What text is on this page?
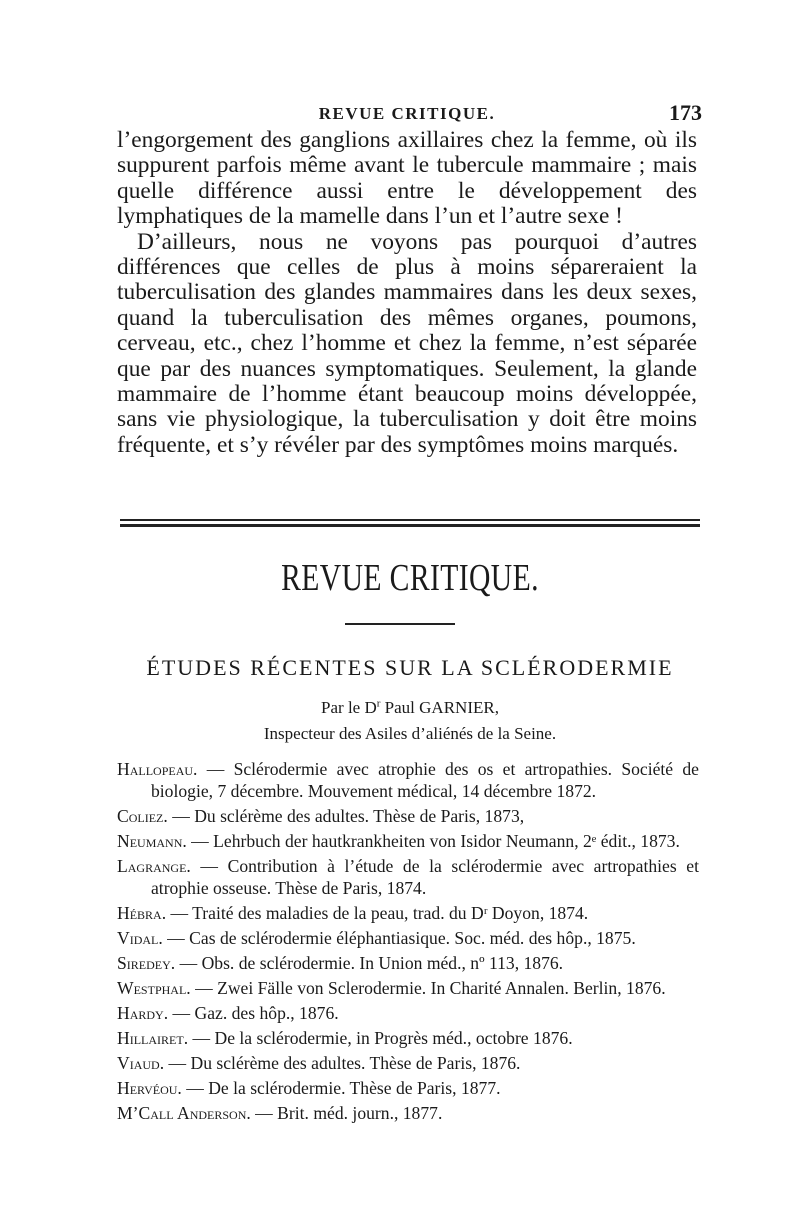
REVUE CRITIQUE.	173

l’engorgement des ganglions axillaires chez la femme, où ils suppurent parfois même avant le tubercule mammaire ; mais quelle différence aussi entre le développement des lymphatiques de la mamelle dans l’un et l’autre sexe !

D’ailleurs, nous ne voyons pas pourquoi d’autres différences que celles de plus à moins sépareraient la tuberculisation des glandes mammaires dans les deux sexes, quand la tuberculisation des mêmes organes, poumons, cerveau, etc., chez l’homme et chez la femme, n’est séparée que par des nuances symptomatiques. Seulement, la glande mammaire de l’homme étant beaucoup moins développée, sans vie physiologique, la tuberculisation y doit être moins fréquente, et s’y révéler par des symptômes moins marqués.

REVUE CRITIQUE.
ÉTUDES RÉCENTES SUR LA SCLÉRODERMIE
Par le $D^r$ Paul GARNIER,
Inspecteur des Asiles d’aliénés de la Seine.
Hallopeau. — Sclérodermie avec atrophie des os et artropathies. Société de biologie, 7 décembre. Mouvement médical, 14 décembre 1872.
Coliez. — Du sclérème des adultes. Thèse de Paris, 1873,
Neumann. — Lehrbuch der hautkrankheiten von Isidor Neumann, 2ᵉ édit., 1873.
Lagrange. — Contribution à l’étude de la sclérodermie avec artropathies et atrophie osseuse. Thèse de Paris, 1874.
Hébra. — Traité des maladies de la peau, trad. du Dʳ Doyon, 1874.
Vidal. — Cas de sclérodermie éléphantiasique. Soc. méd. des hôp., 1875.
Siredey. — Obs. de sclérodermie. In Union méd., nº 113, 1876.
Westphal. — Zwei Fälle von Sclerodermie. In Charité Annalen. Berlin, 1876.
Hardy. — Gaz. des hôp., 1876.
Hillairet. — De la sclérodermie, in Progrès méd., octobre 1876.
Viaud. — Du sclérème des adultes. Thèse de Paris, 1876.
Hervéou. — De la sclérodermie. Thèse de Paris, 1877.
M’Call Anderson. — Brit. méd. journ., 1877.
